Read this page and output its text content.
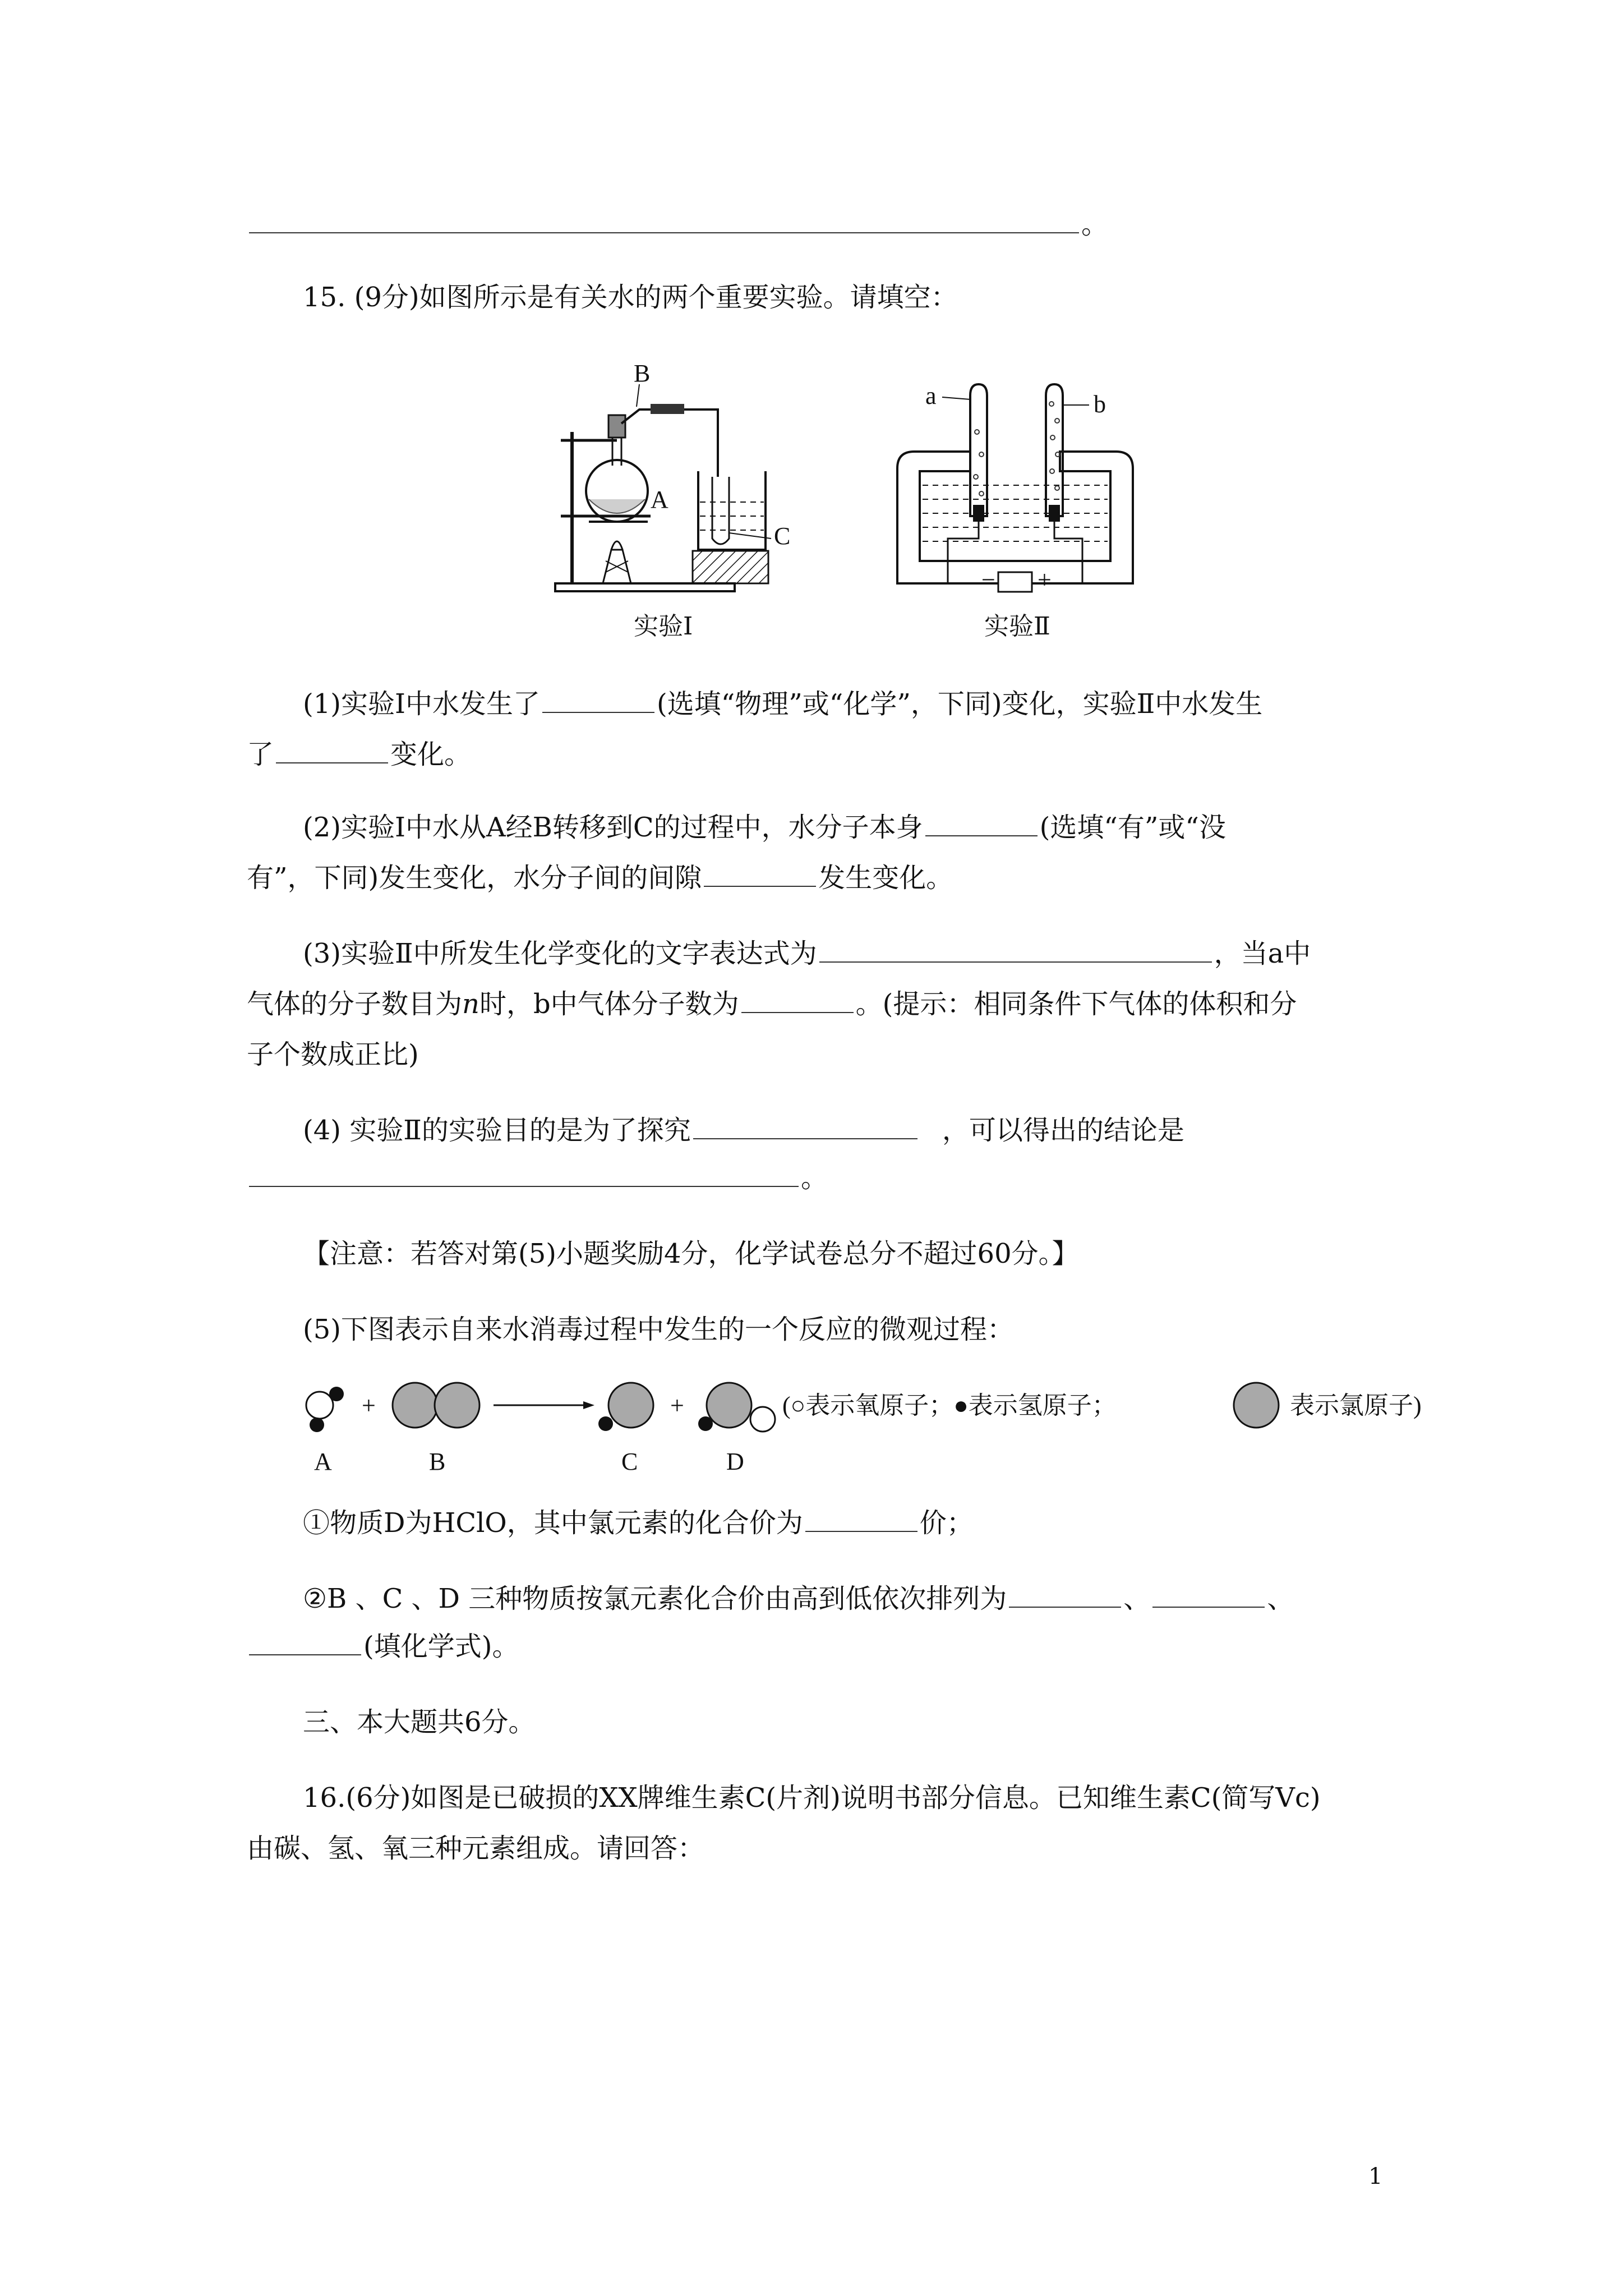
。
15. (9分)如图所示是有关水的两个重要实验。请填空：
B
A
C
实验Ⅰ
− +
a	b
实验Ⅱ
(1)实验Ⅰ中水发生了	(选填“物理”或“化学”，下同)变化，实验Ⅱ中水发生
了	变化。
(2)实验Ⅰ中水从A经B转移到C的过程中，水分子本身	(选填“有”或“没
有”，下同)发生变化，水分子间的间隙	发生变化。
(3)实验Ⅱ中所发生化学变化的文字表达式为	，当a中
气体的分子数目为n时，b中气体分子数为	。(提示：相同条件下气体的体积和分
子个数成正比)
(4) 实验Ⅱ的实验目的是为了探究	，可以得出的结论是
。
【注意：若答对第(5)小题奖励4分，化学试卷总分不超过60分。】
(5)下图表示自来水消毒过程中发生的一个反应的微观过程：
+	+	(○表示氧原子；●表示氢原子；	表示氯原子)
A	B	C	D
①物质D为HClO，其中氯元素的化合价为	价；
②B 、C 、D 三种物质按氯元素化合价由高到低依次排列为	、	、
(填化学式)。
三、本大题共6分。
16.(6分)如图是已破损的XX牌维生素C(片剂)说明书部分信息。已知维生素C(简写Vc)
由碳、氢、氧三种元素组成。请回答：
1
